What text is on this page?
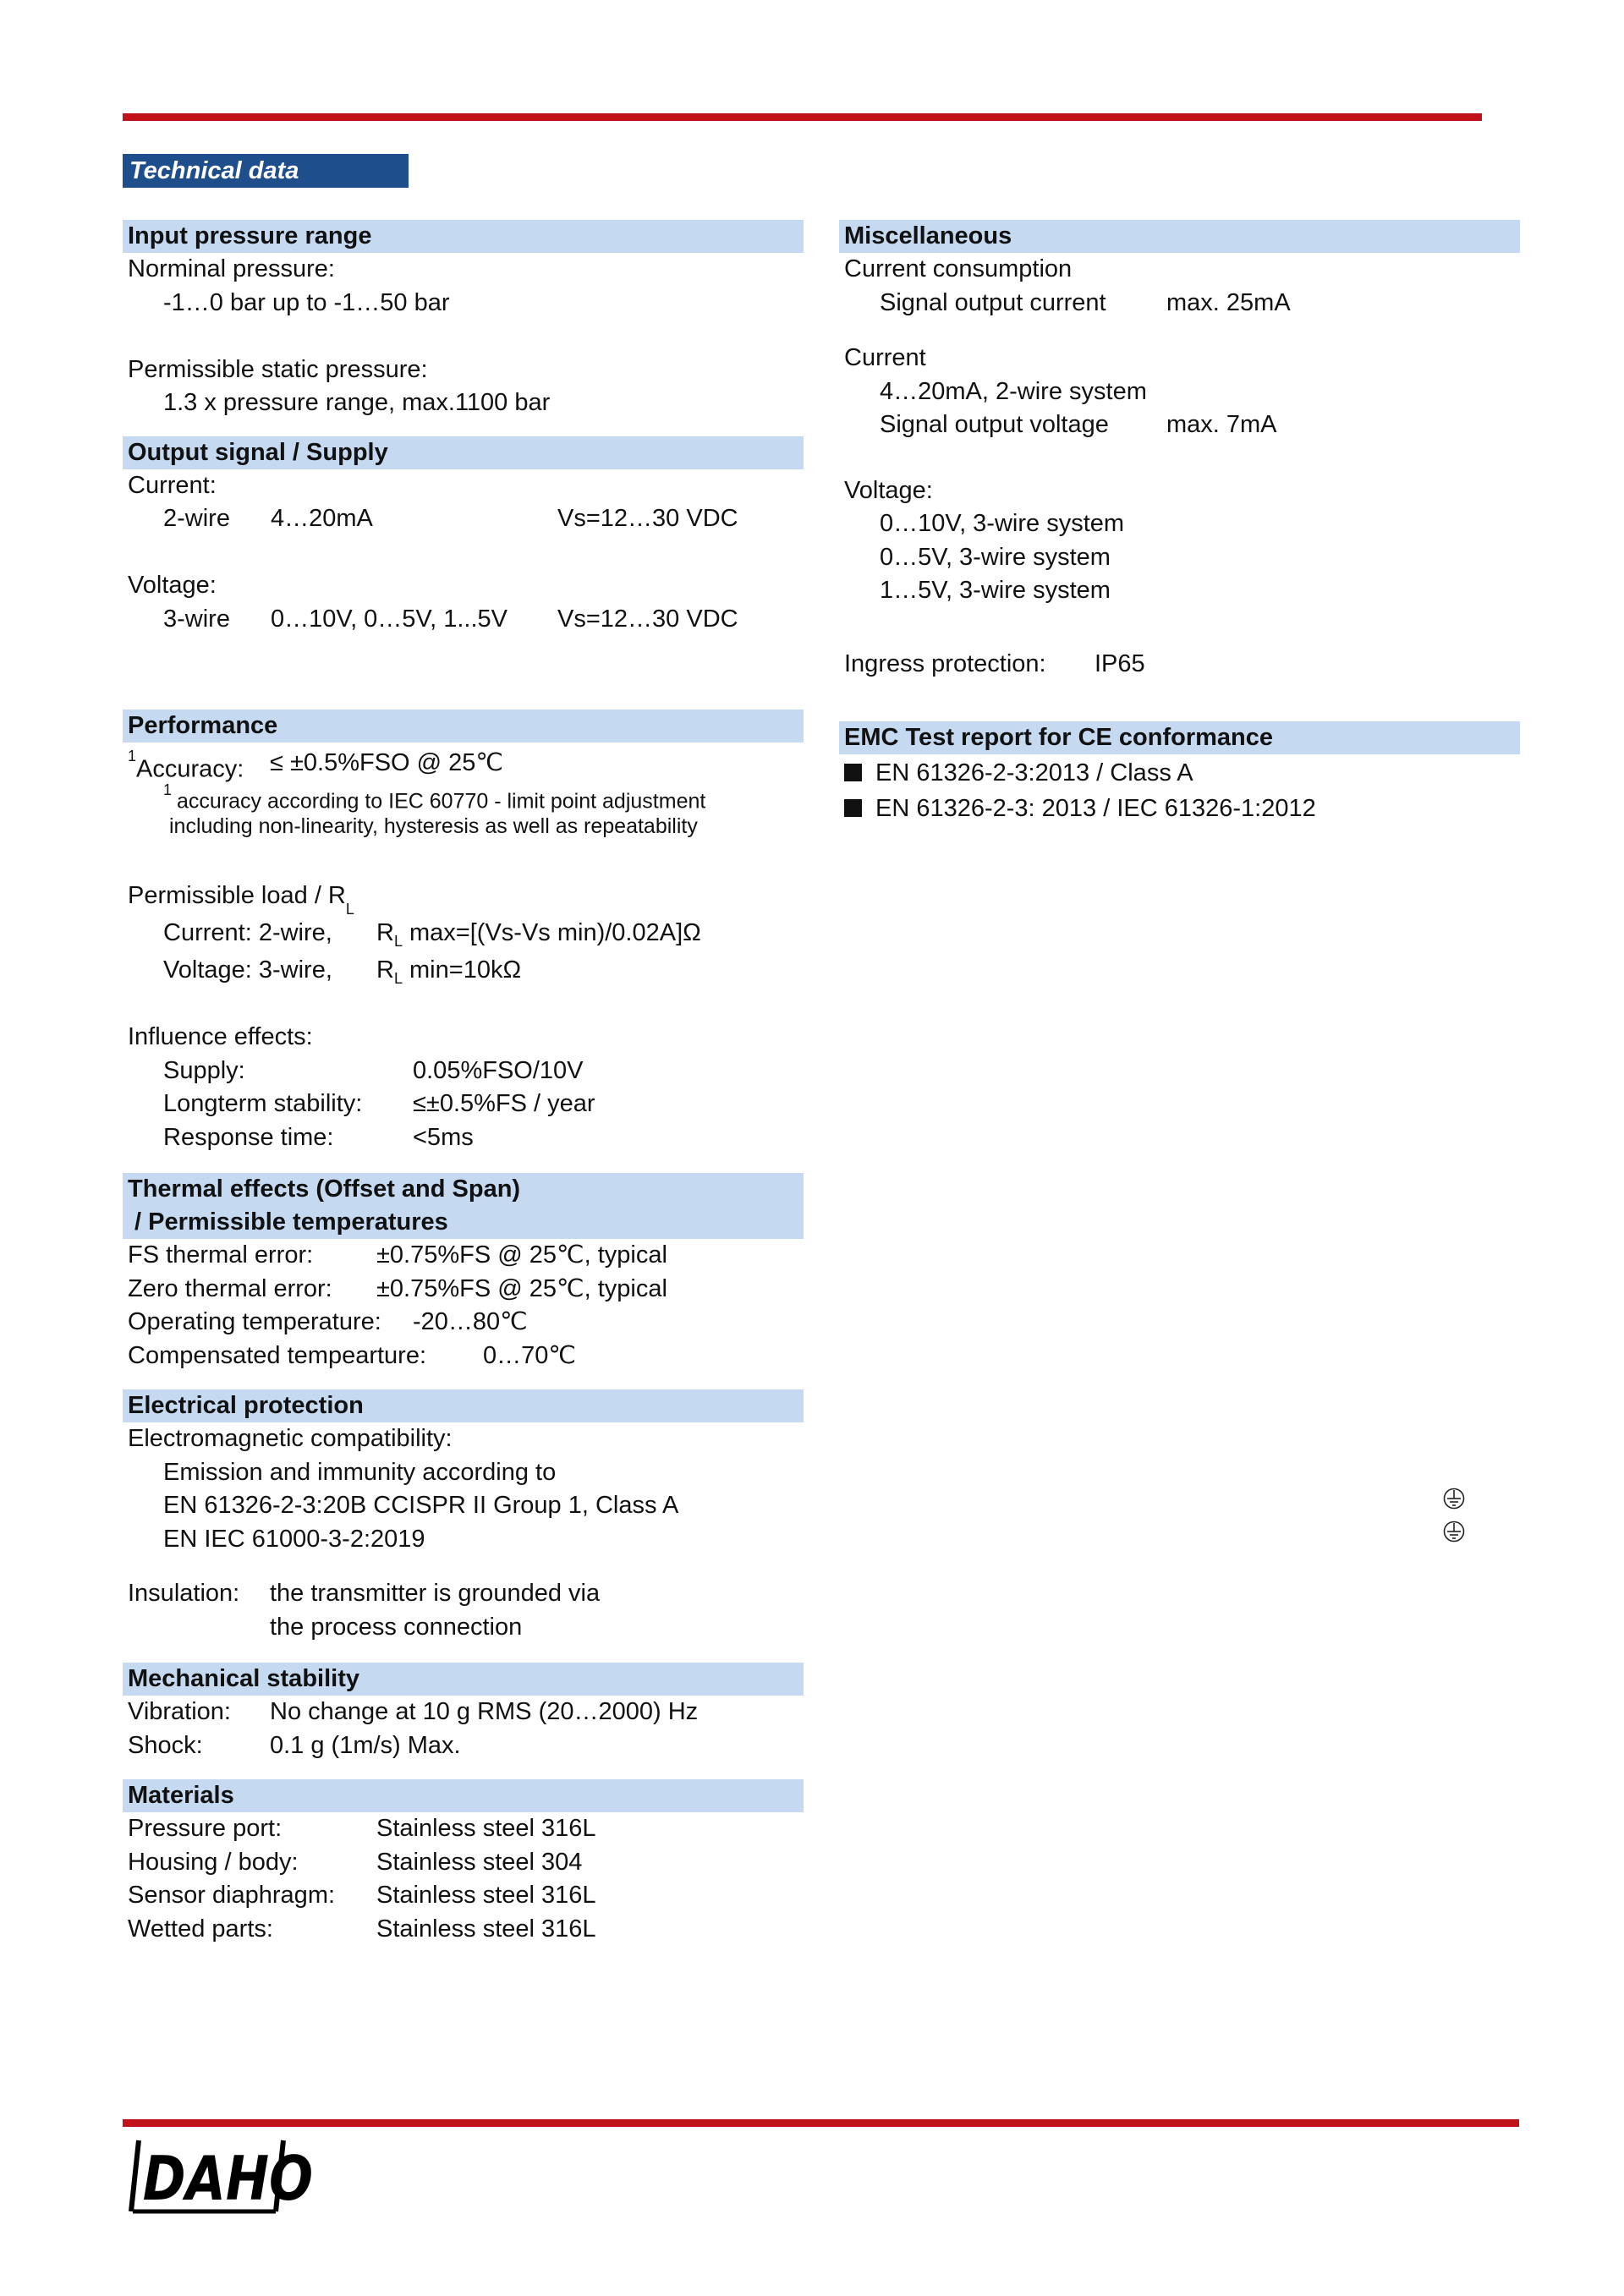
Technical data
Input pressure range
Norminal pressure:
-1…0 bar up to -1…50 bar
Permissible static pressure:
1.3 x pressure range, max.1100 bar
Output signal / Supply
Current:
2-wire 4…20mA	Vs=12…30 VDC
Voltage:
3-wire 0…10V, 0…5V, 1...5V Vs=12…30 VDC
Performance
$^1$Accuracy: ≤ ±0.5%FSO @ 25℃
$^1$ accuracy according to IEC 60770 - limit point adjustment
including non-linearity, hysteresis as well as repeatability
Permissible load / $R_L$
Current: 2-wire, $R_L$ max=[(Vs-Vs min)/0.02A]Ω
Voltage: 3-wire, $R_L$ min=10kΩ
Influence effects:
Supply:	0.05%FSO/10V
Longterm stability: ≤±0.5%FS / year
Response time:	<5ms
Thermal effects (Offset and Span)
/ Permissible temperatures
FS thermal error:	±0.75%FS @ 25℃, typical
Zero thermal error: ±0.75%FS @ 25℃, typical
Operating temperature: -20…80℃
Compensated tempearture: 0…70℃
Electrical protection
Electromagnetic compatibility:
Emission and immunity according to
EN 61326-2-3:20B CCISPR II Group 1, Class A
EN IEC 61000-3-2:2019
Insulation: the transmitter is grounded via
the process connection
Mechanical stability
Vibration: No change at 10 g RMS (20…2000) Hz
Shock:	0.1 g (1m/s) Max.
Materials
Pressure port:	Stainless steel 316L
Housing / body:	Stainless steel 304
Sensor diaphragm: Stainless steel 316L
Wetted parts:	Stainless steel 316L
Miscellaneous
Current consumption
Signal output current max. 25mA
Current
4…20mA, 2-wire system
Signal output voltage max. 7mA
Voltage:
0…10V, 3-wire system
0…5V, 3-wire system
1…5V, 3-wire system
Ingress protection: IP65
EMC Test report for CE conformance
EN 61326-2-3:2013 / Class A
EN 61326-2-3: 2013 / IEC 61326-1:2012
DAHO
